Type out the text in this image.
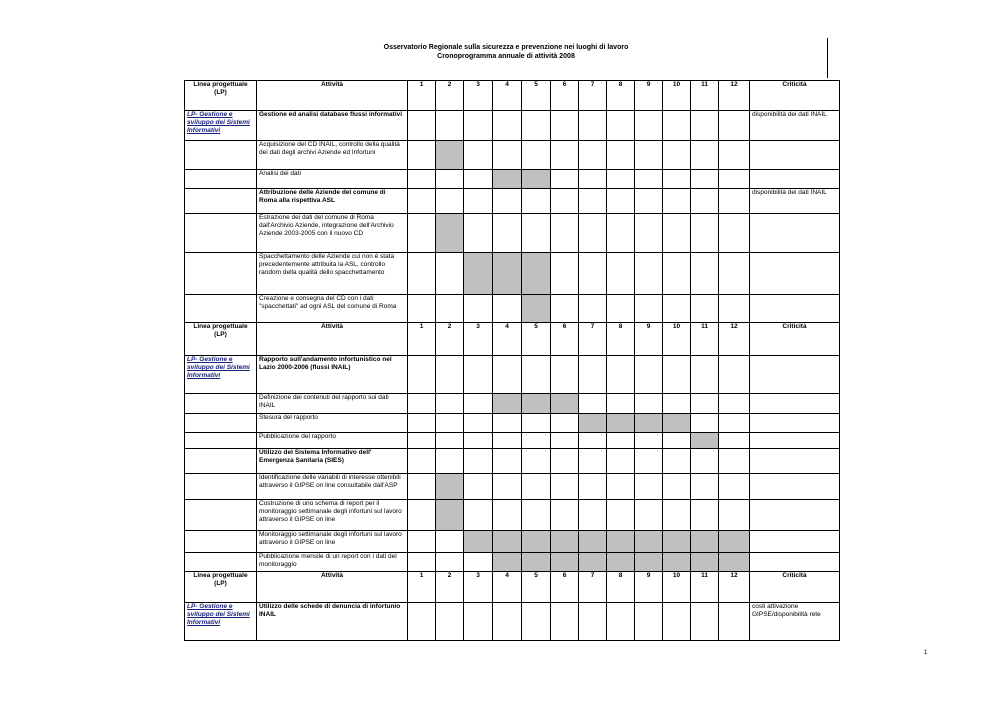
Osservatorio Regionale sulla sicurezza e prevenzione nei luoghi di lavoro
Cronoprogramma annuale di attività 2008
Linea progettuale (LP)	Attività	1	2	3	4	5	6	7	8	9	10	11	12	Criticità
LP- Gestione e sviluppo dei Sistemi Informativi	Gestione ed analisi database flussi informativi													disponibilità dei dati INAIL
	Acquisizione del CD INAIL, controllo della qualità dei dati degli archivi Aziende ed Infortuni													
	Analisi dei dati													
	Attribuzione delle Aziende del comune di Roma alla rispettiva ASL													disponibilità dei dati INAIL
	Estrazione dei dati del comune di Roma dall'Archivio Aziende, integrazione dell'Archivio Aziende 2003-2005 con il nuovo CD													
	Spacchettamento delle Aziende cui non é stata precedentemente attribuita la ASL, controllo random della qualità dello spacchettamento													
	Creazione e consegna del CD con i dati "spacchettati" ad ogni ASL del comune di Roma													
Linea progettuale (LP)	Attività	1	2	3	4	5	6	7	8	9	10	11	12	Criticità
LP- Gestione e sviluppo dei Sistemi Informativi	Rapporto sull'andamento infortunistico nel Lazio 2000-2006 (flussi INAIL)													
	Definizione dei contenuti del rapporto sui dati INAIL													
	Stesura del rapporto													
	Pubblicazione del rapporto													
	Utilizzo del Sistema Informativo dell' Emergenza Sanitaria (SIES)													
	Identificazione delle variabili di interesse ottenibili attraverso il GIPSE on line consultabile dall'ASP													
	Costruzione di uno schema di report per il monitoraggio settimanale degli infortuni sul lavoro attraverso il GIPSE on line													
	Monitoraggio settimanale degli infortuni sul lavoro attraverso il GIPSE on line													
	Pubblicazione mensile di un report con i dati del monitoraggio													
Linea progettuale (LP)	Attività	1	2	3	4	5	6	7	8	9	10	11	12	Criticità
LP- Gestione e sviluppo dei Sistemi Informativi	Utilizzo delle schede di denuncia di infortunio INAIL													costi attivazione GIPSE/disponibilità rete
1
